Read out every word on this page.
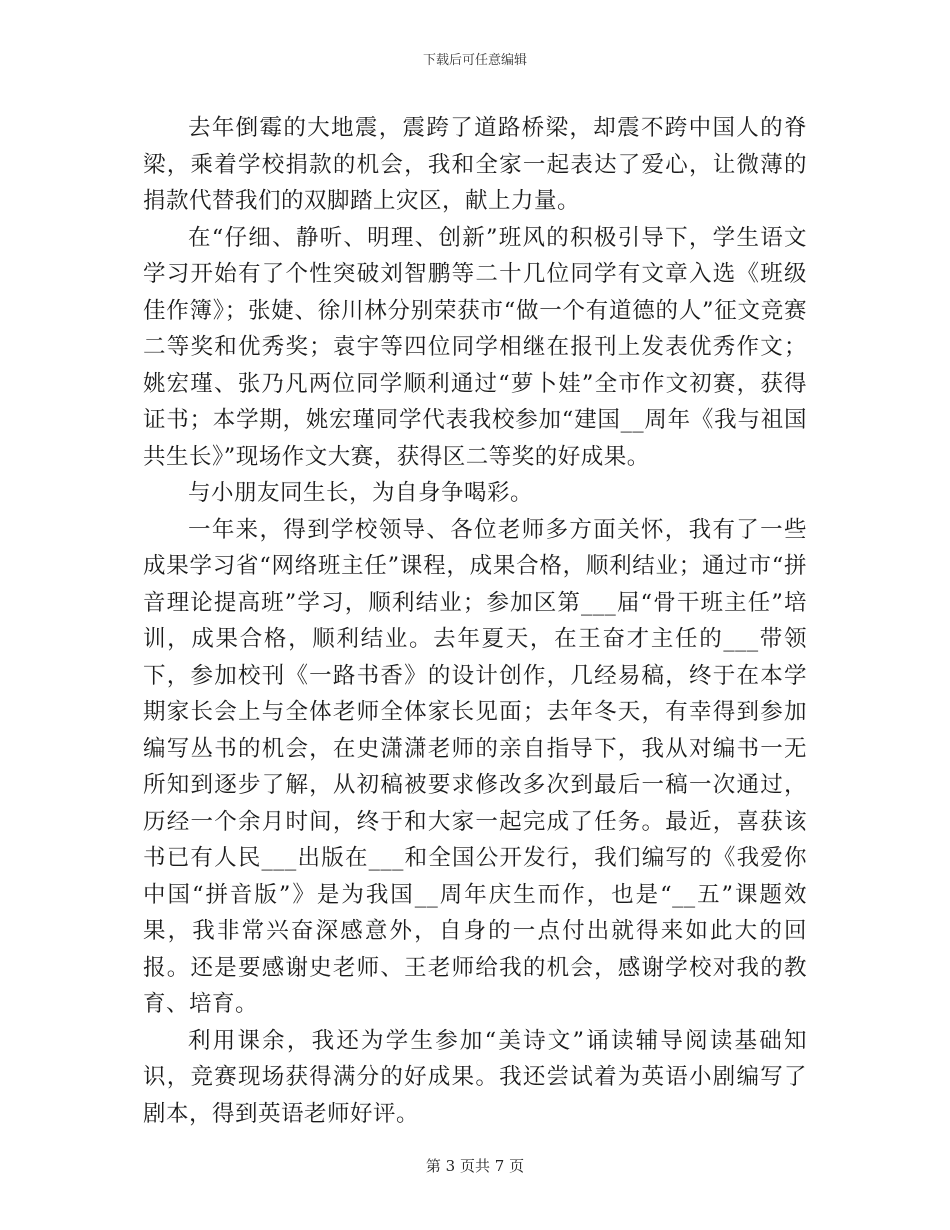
下载后可任意编辑

去年倒霉的大地震，震跨了道路桥梁，却震不跨中国人的脊梁，乘着学校捐款的机会，我和全家一起表达了爱心，让微薄的捐款代替我们的双脚踏上灾区，献上力量。

在“仔细、静听、明理、创新”班风的积极引导下，学生语文学习开始有了个性突破刘智鹏等二十几位同学有文章入选《班级佳作簿》；张婕、徐川林分别荣获市“做一个有道德的人”征文竞赛二等奖和优秀奖；袁宇等四位同学相继在报刊上发表优秀作文；姚宏瑾、张乃凡两位同学顺利通过“萝卜娃”全市作文初赛，获得证书；本学期，姚宏瑾同学代表我校参加“建国__周年《我与祖国共生长》”现场作文大赛，获得区二等奖的好成果。

与小朋友同生长，为自身争喝彩。

一年来，得到学校领导、各位老师多方面关怀，我有了一些成果学习省“网络班主任”课程，成果合格，顺利结业；通过市“拼音理论提高班”学习，顺利结业；参加区第___届“骨干班主任”培训，成果合格，顺利结业。去年夏天，在王奋才主任的___带领下，参加校刊《一路书香》的设计创作，几经易稿，终于在本学期家长会上与全体老师全体家长见面；去年冬天，有幸得到参加编写丛书的机会，在史潇潇老师的亲自指导下，我从对编书一无所知到逐步了解，从初稿被要求修改多次到最后一稿一次通过，历经一个余月时间，终于和大家一起完成了任务。最近，喜获该书已有人民___出版在___和全国公开发行，我们编写的《我爱你中国“拼音版”》是为我国__周年庆生而作，也是“__五”课题效果，我非常兴奋深感意外，自身的一点付出就得来如此大的回报。还是要感谢史老师、王老师给我的机会，感谢学校对我的教育、培育。

利用课余，我还为学生参加“美诗文”诵读辅导阅读基础知识，竞赛现场获得满分的好成果。我还尝试着为英语小剧编写了剧本，得到英语老师好评。

第 3 页共 7 页
